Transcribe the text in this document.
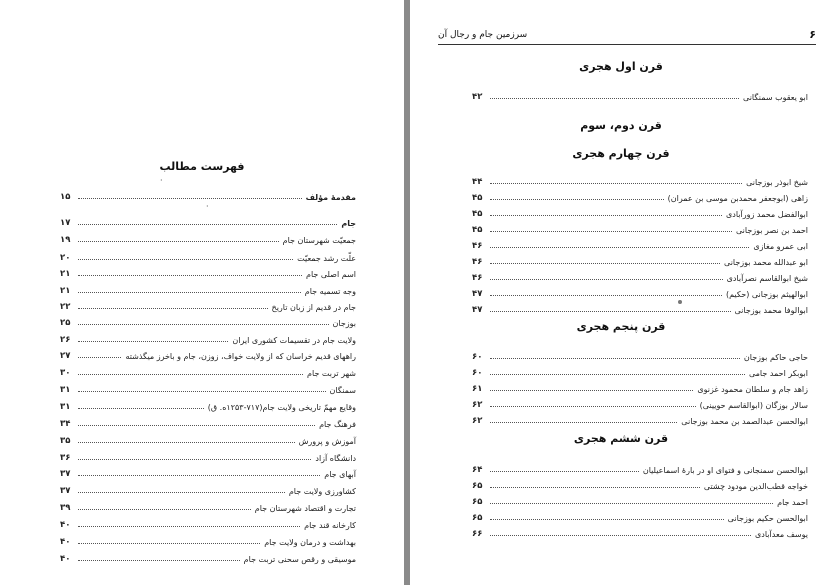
فهرست مطالب
·
·
مقدمهٔ مؤلف
۱۵
جام
۱۷
جمعیّت شهرستان جام
۱۹
علّت رشد جمعیّت
۲۰
اسم اصلی جام
۲۱
وجه تسمیه جام
۲۱
جام در قدیم از زبان تاریخ
۲۲
بوزجان
۲۵
ولایت جام در تقسیمات کشوری ایران
۲۶
راههای قدیم خراسان که از ولایت خواف، زوزن، جام و باخرز میگذشته
۲۷
شهر تربت جام
۳۰
سمنگان
۳۱
وقایع مهمّ تاریخی ولایت جام(۷۱۷-۱۲۵۳ه. ق)
۳۱
فرهنگ جام
۳۴
آموزش و پرورش
۳۵
دانشگاه آزاد
۳۶
آبهای جام
۳۷
کشاورزی ولایت جام
۳۷
تجارت و اقتصاد شهرستان جام
۳۹
کارخانه قند جام
۴۰
بهداشت و درمان ولایت جام
۴۰
موسیقی و رقص سحنی تربت جام
۴۰
۶
سرزمین جام و رجال آن
قرن اول هجری
ابو یعقوب سمنگانی
۴۲
قرن دوم، سوم
قرن چهارم هجری
شیخ ابوذر بوزجانی
۴۴
زاهی (ابوجعفر محمدبن موسی بن عمران)
۴۵
ابوالفضل محمد زورآبادی
۴۵
احمد بن نصر بوزجانی
۴۵
ابی عمرو مغازی
۴۶
ابو عبدالله محمد بوزجانی
۴۶
شیخ ابوالقاسم نصرآبادی
۴۶
ابوالهیثم بوزجانی (حکیم)
۴۷
ابوالوفا محمد بوزجانی
۴۷
قرن پنجم هجری
حاجی حاکم بوزجان
۶۰
ابوبکر احمد جامی
۶۰
زاهد جام و سلطان محمود غزنوی
۶۱
سالار بوزگان (ابوالقاسم حویینی)
۶۲
ابوالحسن عبدالصمد بن محمد بوزجانی
۶۲
قرن ششم هجری
ابوالحسن سمنجانی و فتوای او در بارهٔ اسماعیلیان
۶۴
خواجه قطب‌الدین مودود چشتی
۶۵
احمد جام
۶۵
ابوالحسن حکیم بوزجانی
۶۵
یوسف معدآبادی
۶۶
